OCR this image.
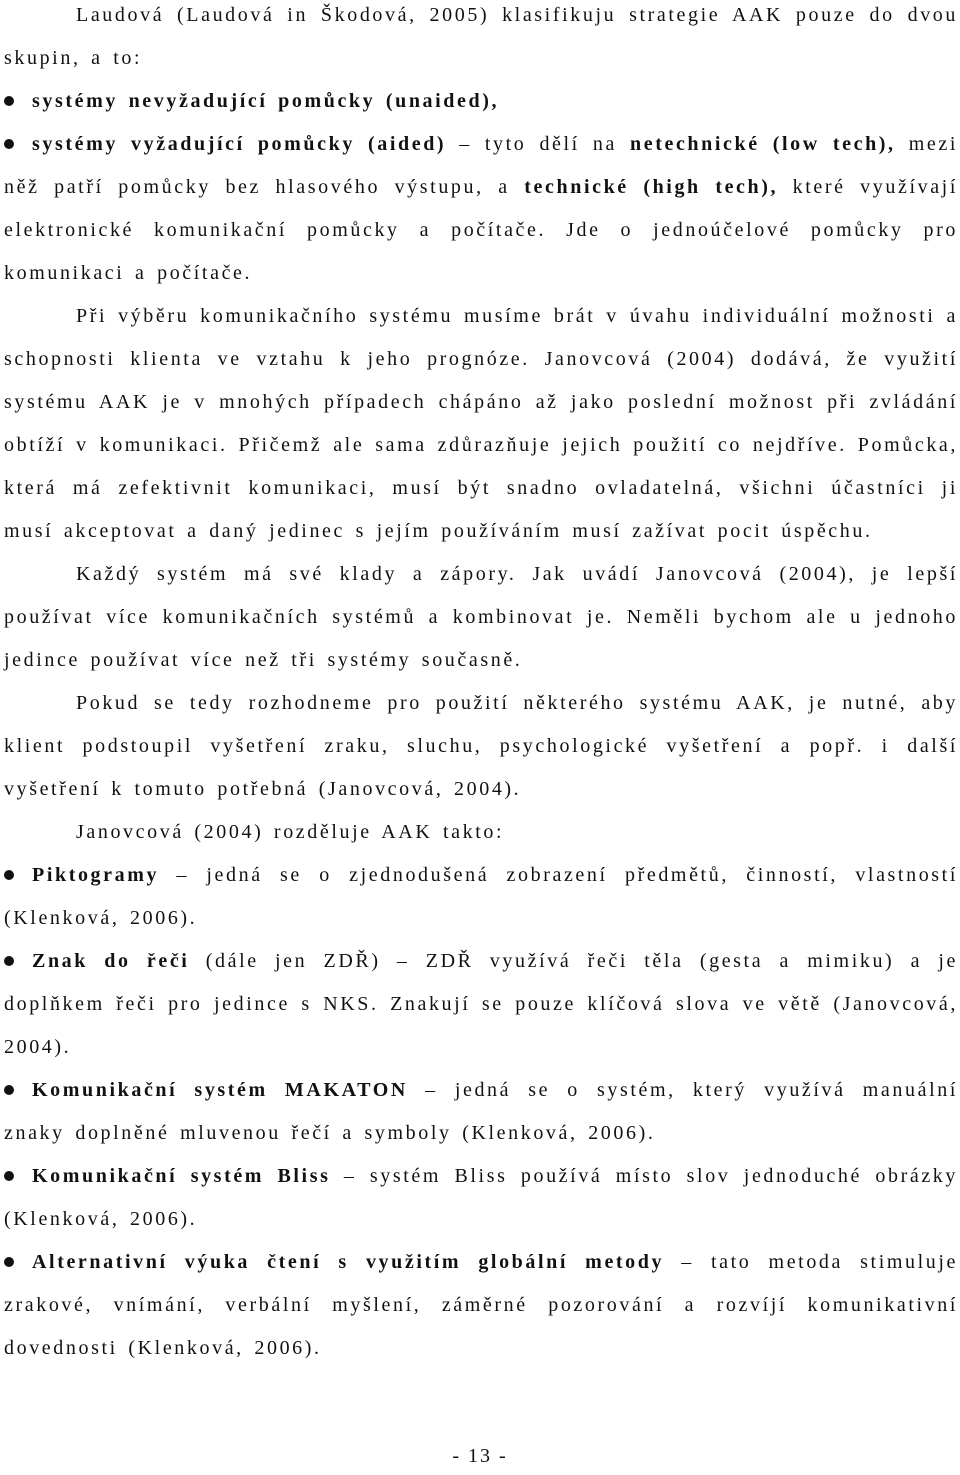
Laudová (Laudová in Škodová, 2005) klasifikuju strategie AAK pouze do dvou skupin, a to:

systémy nevyžadující pomůcky (unaided),

systémy vyžadující pomůcky (aided) – tyto dělí na netechnické (low tech), mezi něž patří pomůcky bez hlasového výstupu, a technické (high tech), které využívají elektronické komunikační pomůcky a počítače. Jde o jednoúčelové pomůcky pro komunikaci a počítače.

Při výběru komunikačního systému musíme brát v úvahu individuální možnosti a schopnosti klienta ve vztahu k jeho prognóze. Janovcová (2004) dodává, že využití systému AAK je v mnohých případech chápáno až jako poslední možnost při zvládání obtíží v komunikaci. Přičemž ale sama zdůrazňuje jejich použití co nejdříve. Pomůcka, která má zefektivnit komunikaci, musí být snadno ovladatelná, všichni účastníci ji musí akceptovat a daný jedinec s jejím používáním musí zažívat pocit úspěchu.

Každý systém má své klady a zápory. Jak uvádí Janovcová (2004), je lepší používat více komunikačních systémů a kombinovat je. Neměli bychom ale u jednoho jedince používat více než tři systémy současně.

Pokud se tedy rozhodneme pro použití některého systému AAK, je nutné, aby klient podstoupil vyšetření zraku, sluchu, psychologické vyšetření a popř. i další vyšetření k tomuto potřebná (Janovcová, 2004).

Janovcová (2004) rozděluje AAK takto:

Piktogramy – jedná se o zjednodušená zobrazení předmětů, činností, vlastností (Klenková, 2006).

Znak do řeči (dále jen ZDŘ) – ZDŘ využívá řeči těla (gesta a mimiku) a je doplňkem řeči pro jedince s NKS. Znakují se pouze klíčová slova ve větě (Janovcová, 2004).

Komunikační systém MAKATON – jedná se o systém, který využívá manuální znaky doplněné mluvenou řečí a symboly (Klenková, 2006).

Komunikační systém Bliss – systém Bliss používá místo slov jednoduché obrázky (Klenková, 2006).

Alternativní výuka čtení s využitím globální metody – tato metoda stimuluje zrakové, vnímání, verbální myšlení, záměrné pozorování a rozvíjí komunikativní dovednosti (Klenková, 2006).

- 13 -
